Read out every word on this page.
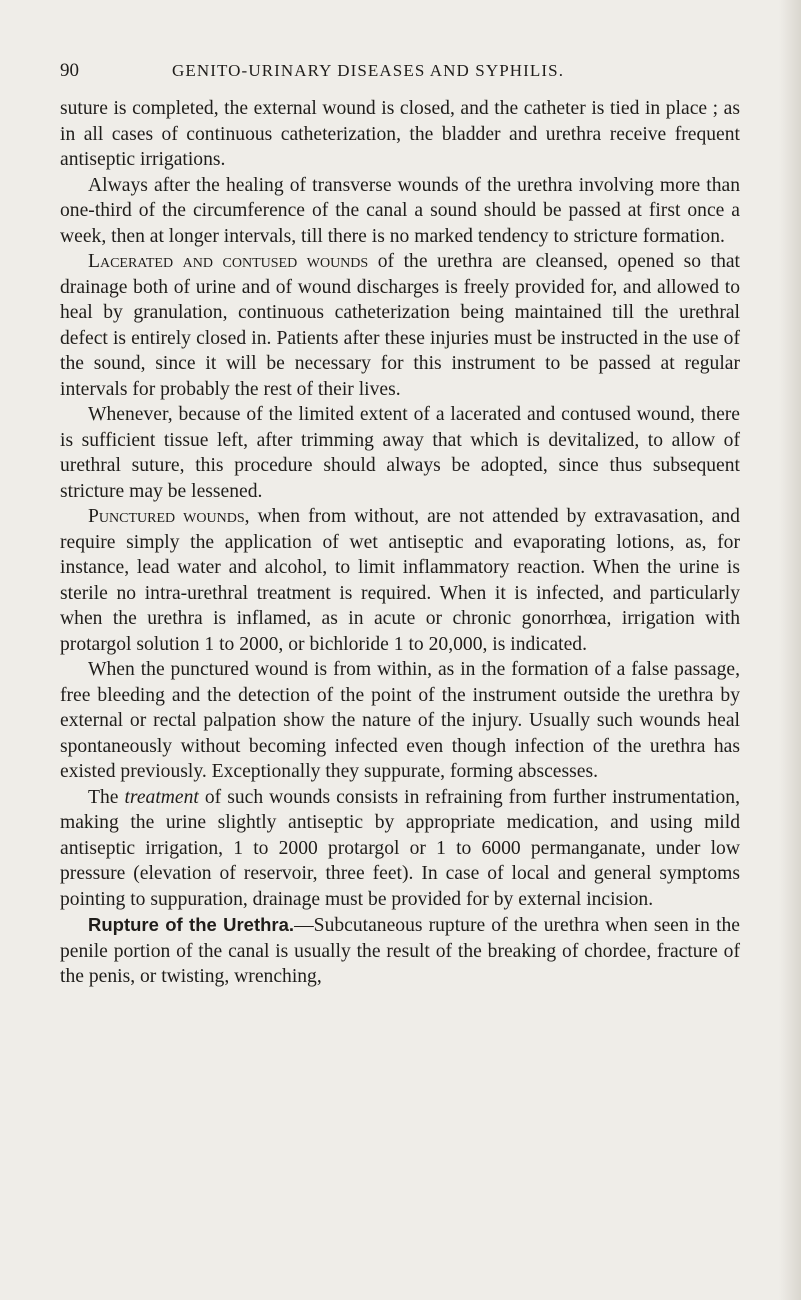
90	GENITO-URINARY DISEASES AND SYPHILIS.

suture is completed, the external wound is closed, and the catheter is tied in place ; as in all cases of continuous catheterization, the bladder and urethra receive frequent antiseptic irrigations.

Always after the healing of transverse wounds of the urethra involving more than one-third of the circumference of the canal a sound should be passed at first once a week, then at longer intervals, till there is no marked tendency to stricture formation.

Lacerated and contused wounds of the urethra are cleansed, opened so that drainage both of urine and of wound discharges is freely provided for, and allowed to heal by granulation, continuous catheterization being maintained till the urethral defect is entirely closed in. Patients after these injuries must be instructed in the use of the sound, since it will be necessary for this instrument to be passed at regular intervals for probably the rest of their lives.

Whenever, because of the limited extent of a lacerated and contused wound, there is sufficient tissue left, after trimming away that which is devitalized, to allow of urethral suture, this procedure should always be adopted, since thus subsequent stricture may be lessened.

Punctured wounds, when from without, are not attended by extravasation, and require simply the application of wet antiseptic and evaporating lotions, as, for instance, lead water and alcohol, to limit inflammatory reaction. When the urine is sterile no intra-urethral treatment is required. When it is infected, and particularly when the urethra is inflamed, as in acute or chronic gonorrhœa, irrigation with protargol solution 1 to 2000, or bichloride 1 to 20,000, is indicated.

When the punctured wound is from within, as in the formation of a false passage, free bleeding and the detection of the point of the instrument outside the urethra by external or rectal palpation show the nature of the injury. Usually such wounds heal spontaneously without becoming infected even though infection of the urethra has existed previously. Exceptionally they suppurate, forming abscesses.

The treatment of such wounds consists in refraining from further instrumentation, making the urine slightly antiseptic by appropriate medication, and using mild antiseptic irrigation, 1 to 2000 protargol or 1 to 6000 permanganate, under low pressure (elevation of reservoir, three feet). In case of local and general symptoms pointing to suppuration, drainage must be provided for by external incision.

Rupture of the Urethra.—Subcutaneous rupture of the urethra when seen in the penile portion of the canal is usually the result of the breaking of chordee, fracture of the penis, or twisting, wrenching,
